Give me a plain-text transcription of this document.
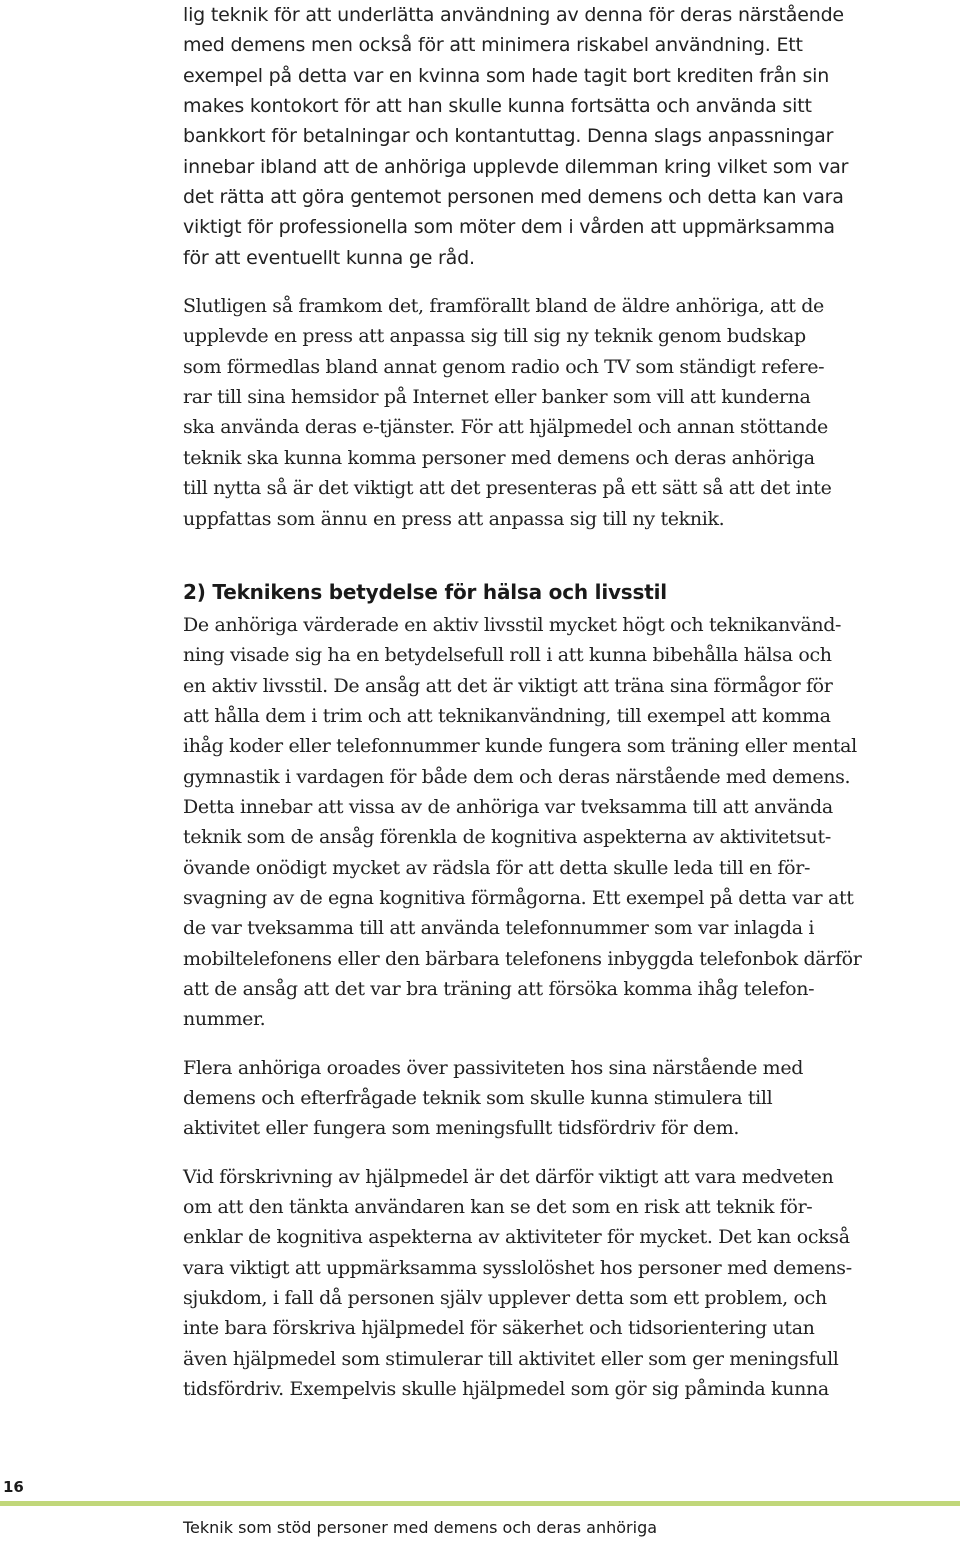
lig teknik för att underlätta användning av denna för deras närstående
med demens men också för att minimera riskabel användning. Ett
exempel på detta var en kvinna som hade tagit bort krediten från sin
makes kontokort för att han skulle kunna fortsätta och använda sitt
bankkort för betalningar och kontantuttag. Denna slags anpassningar
innebar ibland att de anhöriga upplevde dilemman kring vilket som var
det rätta att göra gentemot personen med demens och detta kan vara
viktigt för professionella som möter dem i vården att uppmärksamma
för att eventuellt kunna ge råd.
Slutligen så framkom det, framförallt bland de äldre anhöriga, att de
upplevde en press att anpassa sig till sig ny teknik genom budskap
som förmedlas bland annat genom radio och TV som ständigt refere-
rar till sina hemsidor på Internet eller banker som vill att kunderna
ska använda deras e-tjänster. För att hjälpmedel och annan stöttande
teknik ska kunna komma personer med demens och deras anhöriga
till nytta så är det viktigt att det presenteras på ett sätt så att det inte
uppfattas som ännu en press att anpassa sig till ny teknik.
2) Teknikens betydelse för hälsa och livsstil
De anhöriga värderade en aktiv livsstil mycket högt och teknikanvänd-
ning visade sig ha en betydelsefull roll i att kunna bibehålla hälsa och
en aktiv livsstil. De ansåg att det är viktigt att träna sina förmågor för
att hålla dem i trim och att teknikanvändning, till exempel att komma
ihåg koder eller telefonnummer kunde fungera som träning eller mental
gymnastik i vardagen för både dem och deras närstående med demens.
Detta innebar att vissa av de anhöriga var tveksamma till att använda
teknik som de ansåg förenkla de kognitiva aspekterna av aktivitetsut-
övande onödigt mycket av rädsla för att detta skulle leda till en för-
svagning av de egna kognitiva förmågorna. Ett exempel på detta var att
de var tveksamma till att använda telefonnummer som var inlagda i
mobiltelefonens eller den bärbara telefonens inbyggda telefonbok därför
att de ansåg att det var bra träning att försöka komma ihåg telefon-
nummer.
Flera anhöriga oroades över passiviteten hos sina närstående med
demens och efterfrågade teknik som skulle kunna stimulera till
aktivitet eller fungera som meningsfullt tidsfördriv för dem.
Vid förskrivning av hjälpmedel är det därför viktigt att vara medveten
om att den tänkta användaren kan se det som en risk att teknik för-
enklar de kognitiva aspekterna av aktiviteter för mycket. Det kan också
vara viktigt att uppmärksamma sysslolöshet hos personer med demens-
sjukdom, i fall då personen själv upplever detta som ett problem, och
inte bara förskriva hjälpmedel för säkerhet och tidsorientering utan
även hjälpmedel som stimulerar till aktivitet eller som ger meningsfull
tidsfördriv. Exempelvis skulle hjälpmedel som gör sig påminda kunna
16
Teknik som stöd personer med demens och deras anhöriga
